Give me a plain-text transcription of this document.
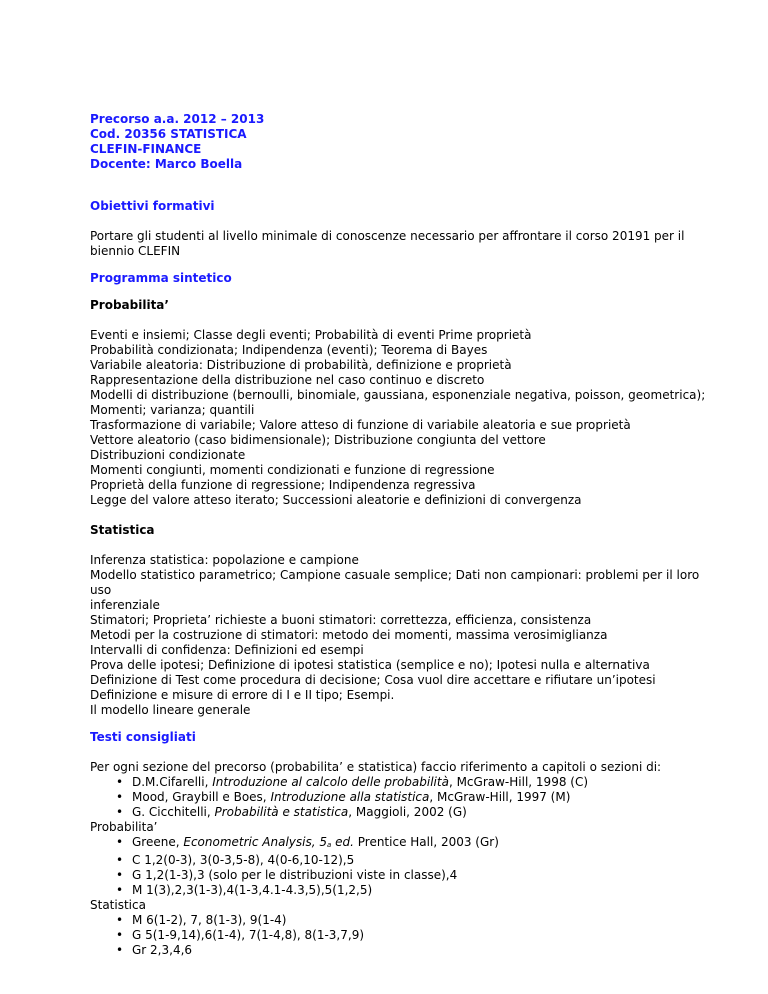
Precorso a.a. 2012 – 2013
Cod. 20356 STATISTICA
CLEFIN-FINANCE
Docente: Marco Boella
Obiettivi formativi
Portare gli studenti al livello minimale di conoscenze necessario per affrontare il corso 20191 per il
biennio CLEFIN
Programma sintetico
Probabilita’
Eventi e insiemi; Classe degli eventi; Probabilità di eventi Prime proprietà
Probabilità condizionata; Indipendenza (eventi); Teorema di Bayes
Variabile aleatoria: Distribuzione di probabilità, definizione e proprietà
Rappresentazione della distribuzione nel caso continuo e discreto
Modelli di distribuzione (bernoulli, binomiale, gaussiana, esponenziale negativa, poisson, geometrica);
Momenti; varianza; quantili
Trasformazione di variabile; Valore atteso di funzione di variabile aleatoria e sue proprietà
Vettore aleatorio (caso bidimensionale); Distribuzione congiunta del vettore
Distribuzioni condizionate
Momenti congiunti, momenti condizionati e funzione di regressione
Proprietà della funzione di regressione; Indipendenza regressiva
Legge del valore atteso iterato; Successioni aleatorie e definizioni di convergenza
Statistica
Inferenza statistica: popolazione e campione
Modello statistico parametrico; Campione casuale semplice; Dati non campionari: problemi per il loro uso
inferenziale
Stimatori; Proprieta’ richieste a buoni stimatori: correttezza, efficienza, consistenza
Metodi per la costruzione di stimatori: metodo dei momenti, massima verosimiglianza
Intervalli di confidenza: Definizioni ed esempi
Prova delle ipotesi; Definizione di ipotesi statistica (semplice e no); Ipotesi nulla e alternativa
Definizione di Test come procedura di decisione; Cosa vuol dire accettare e rifiutare un’ipotesi
Definizione e misure di errore di I e II tipo; Esempi.
Il modello lineare generale
Testi consigliati
Per ogni sezione del precorso (probabilita’ e statistica) faccio riferimento a capitoli o sezioni di:
• D.M.Cifarelli, Introduzione al calcolo delle probabilità, McGraw-Hill, 1998 (C)
• Mood, Graybill e Boes, Introduzione alla statistica, McGraw-Hill, 1997 (M)
• G. Cicchitelli, Probabilità e statistica, Maggioli, 2002 (G)
Probabilita’
• Greene, Econometric Analysis, $5_a$ ed. Prentice Hall, 2003 (Gr)
• C 1,2(0-3), 3(0-3,5-8), 4(0-6,10-12),5
• G 1,2(1-3),3 (solo per le distribuzioni viste in classe),4
• M 1(3),2,3(1-3),4(1-3,4.1-4.3,5),5(1,2,5)
Statistica
• M 6(1-2), 7, 8(1-3), 9(1-4)
• G 5(1-9,14),6(1-4), 7(1-4,8), 8(1-3,7,9)
• Gr 2,3,4,6
